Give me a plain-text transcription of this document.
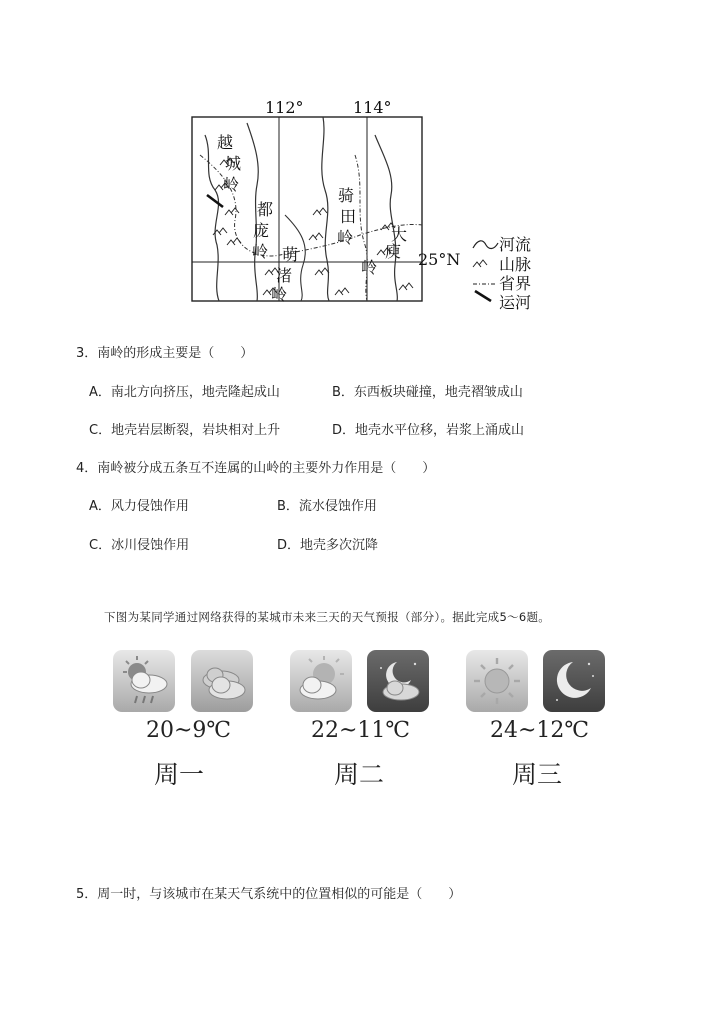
112°	114°
25°N
越
城
岭
都
庞
岭 萌
渚
岭
骑
田
岭 大
庾
岭
河流
山脉
省界
运河
3．南岭的形成主要是（　　）
A．南北方向挤压，地壳隆起成山	B．东西板块碰撞，地壳褶皱成山
C．地壳岩层断裂，岩块相对上升	D．地壳水平位移，岩浆上涌成山
4．南岭被分成五条互不连属的山岭的主要外力作用是（　　）
A．风力侵蚀作用	B．流水侵蚀作用
C．冰川侵蚀作用	D．地壳多次沉降
下图为某同学通过网络获得的某城市未来三天的天气预报（部分）。据此完成5～6题。
20~9℃	22~11℃	24~12℃
周一	周二	周三
5．周一时，与该城市在某天气系统中的位置相似的可能是（　　）
